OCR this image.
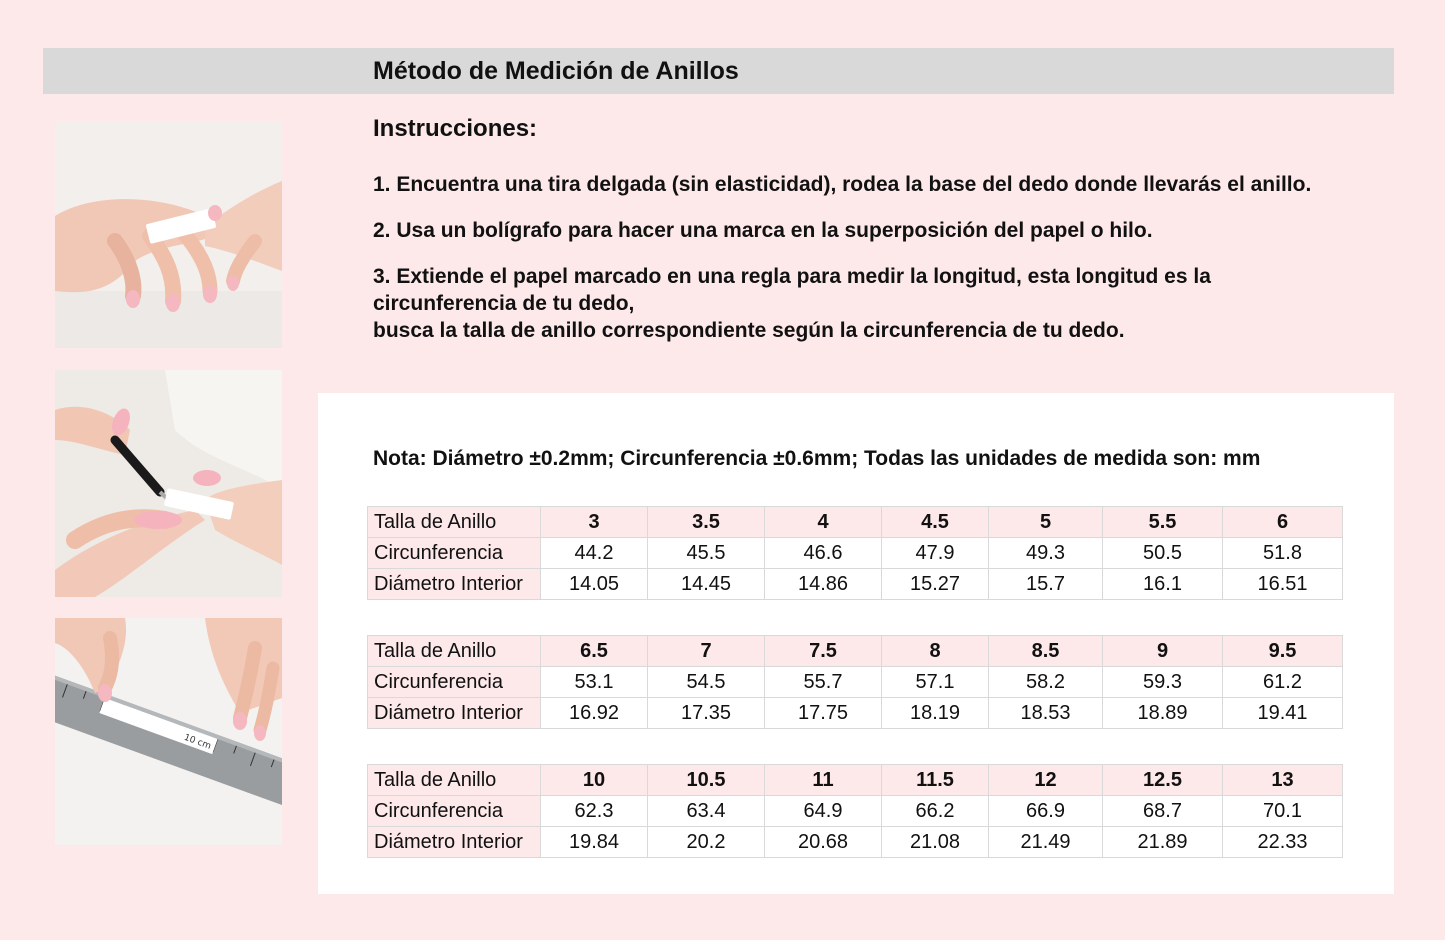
Método de Medición de Anillos
Instrucciones:
1. Encuentra una tira delgada (sin elasticidad), rodea la base del dedo donde llevarás el anillo.
2. Usa un bolígrafo para hacer una marca en la superposición del papel o hilo.
3. Extiende el papel marcado en una regla para medir la longitud, esta longitud es la
circunferencia de tu dedo,
busca la talla de anillo correspondiente según la circunferencia de tu dedo.
10 cm
Nota: Diámetro ±0.2mm; Circunferencia ±0.6mm; Todas las unidades de medida son: mm
Talla de Anillo	3	3.5	4	4.5	5	5.5	6
Circunferencia	44.2	45.5	46.6	47.9	49.3	50.5	51.8
Diámetro Interior	14.05	14.45	14.86	15.27	15.7	16.1	16.51
Talla de Anillo	6.5	7	7.5	8	8.5	9	9.5
Circunferencia	53.1	54.5	55.7	57.1	58.2	59.3	61.2
Diámetro Interior	16.92	17.35	17.75	18.19	18.53	18.89	19.41
Talla de Anillo	10	10.5	11	11.5	12	12.5	13
Circunferencia	62.3	63.4	64.9	66.2	66.9	68.7	70.1
Diámetro Interior	19.84	20.2	20.68	21.08	21.49	21.89	22.33
